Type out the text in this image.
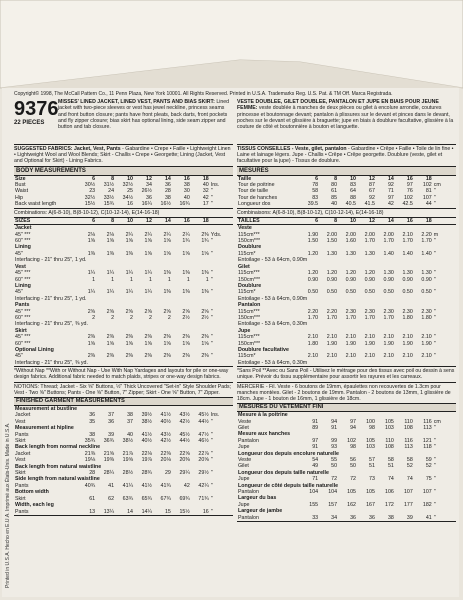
Printed in U.S.A. Hecho en E.U.A. Imprimé aux États-Unis. Made in U.S.A.
Copyright© 1998, The McCall Pattern Co., 11 Penn Plaza, New York 10001. All Rights Reserved. Printed in U.S.A. Trademarks Reg. U.S. Pat. & TM Off. Marca Registrada.
9376
22 PIECES
MISSES' LINED JACKET, LINED VEST, PANTS AND BIAS SKIRT: Lined jacket with two-piece sleeves or vest has jewel neckline, princess seams and front button closure; pants have front pleats, back darts, front pockets and fly zipper closure; bias skirt has optional lining, side seam zipper and button and tab closure.
SUGGESTED FABRICS: Jacket, Vest, Pants - Gabardine • Crepe • Faille • Lightweight Linen • Lightweight Wool and Wool Blends; Skirt - Challis • Crepe • Georgette; Lining (Jacket, Vest and Optional for Skirt) - Lining Fabrics.
BODY MEASUREMENTS
Size	6	8	10	12	14	16	18	
Bust	30½	31½	32½	34	36	38	40	Ins.
Waist	23	24	25	26½	28	30	32	"
Hip	32½	33½	34½	36	38	40	42	"
Back waist length	15½	15¾	16	16¼	16½	16¾	17	"
Combinations: A(6-8-10), B(8-10-12), C(10-12-14), E(14-16-18)
SIZES	6	8	10	12	14	16	18	
Jacket								
45" ***	2⅛	2⅛	2¼	2¼	2¼	2¼	2⅜	Yds.
60" ***	1⅝	1⅝	1⅝	1⅝	1⅝	1¾	1¾	"
Lining
45"	1⅜	1⅜	1⅜	1⅝	1⅝	1⅝	1⅝	"
Interfacing - 21" thru 25", 1 yd.
Vest								
45" ***	1¼	1¼	1¼	1¼	1⅜	1⅜	1⅜	"
60" ***	1	1	1	1	1	1	1	"
Lining
45"	1¼	1¼	1¼	1¼	1⅜	1⅜	1⅜	"
Interfacing - 21" thru 25", 1 yd.
Pants								
45" ***	2⅝	2⅝	2⅝	2⅝	2⅝	2⅝	2⅝	"
60" ***	2	2	2	2	2	2½	2½	"
Interfacing - 21" thru 25", ⅜ yd.								
Skirt								
45" ***	2⅜	2⅜	2⅜	2⅜	2⅜	2⅜	2⅜	"
60" ***	1⅝	1⅝	1⅝	1⅝	1⅝	1⅝	1⅝	"
Optional Lining
45"	2⅜	2⅜	2⅜	2⅜	2⅜	2⅜	2⅜	"
Interfacing - 21" thru 25", ⅜ yd.
*Without Nap **With or Without Nap - Use With Nap Yardages and layouts for pile or one-way design fabrics. Additional fabric needed to match plaids, stripes or one-way design fabrics.
NOTIONS: Thread; Jacket - Six ⅝" Buttons, ½" Thick Uncovered "Set-in" Style Shoulder Pads; Vest - Two ⅝" Buttons; Pants - One ⅝" Button, 7" Zipper; Skirt - One ⅝" Button, 7" Zipper.
FINISHED GARMENT MEASUREMENTS
Measurement at bustline								
Jacket	36	37	38	39½	41½	43½	45½	Ins.
Vest	35	36	37	38½	40½	42½	44½	"
Measurement at hipline								
Pants	38	39	40	41½	43½	45½	47½	"
Skirt	35¾	36¾	38½	40½	42½	44½	46½	"
Back length from normal neckline								
Jacket	21⅜	21⅝	21⅞	22⅛	22⅜	22⅝	22⅞	"
Vest	19⅛	19⅜	19⅝	19⅞	20⅛	20⅜	20⅝	"
Back length from natural waistline
Skirt	28	28¼	28½	28¾	29	29¼	29½	"
Side length from natural waistline
Pants	40¾	41	41¼	41½	41¾	42	42¼	"
Bottom width
Skirt	61	62	63¾	65¾	67¾	69¾	71¾	"
Width, each leg
Pants	13	13¼	14	14¼	15	15½	16	"
VESTE DOUBLEE, GILET DOUBLEE, PANTALON ET JUPE EN BIAIS POUR JEUNE FEMME: veste doublée à manches de deux pièces ou gilet à encolure arrondie, coutures princesse et boutonnage devant; pantalon à plissures sur le devant et pinces dans le devant, poches sur le devant et glissière à braguette; jupe en biais à doublure facultative, glissière à la couture de côté et boutonnière à bouton et languette.
TISSUS CONSEILLES - Veste, gilet, pantalon - Gabardine • Crêpe • Faille • Toile de lin fine • Laine et lainage légers. Jupe - Challis • Crêpe • Crêpe georgette. Doublure (veste, gilet et facultative pour la jupe) - Tissus de doublure.
MESURES
Taille	6	8	10	12	14	16	18	
Tour de poitrine	78	80	83	87	92	97	102	cm
Tour de taille	58	61	64	67	71	76	81	"
Tour de hanches	83	85	88	92	97	102	107	"
Longueur dos	39.5	40	40.5	41.5	42	42.5	44	"
Combinaisons: A(6-8-10), B(8-10-12), C(10-12-14), E(14-16-18)
TAILLES	6	8	10	12	14	16	18	
Veste								
115cm***	1.90	2.00	2.00	2.00	2.00	2.10	2.20	m
150cm***	1.50	1.50	1.60	1.70	1.70	1.70	1.70	"
Doublure
115cm*	1.20	1.30	1.30	1.30	1.40	1.40	1.40	"
Entoilage - 53 à 64cm, 0.90m
Gilet								
115cm***	1.20	1.20	1.20	1.20	1.30	1.30	1.30	"
150cm***	0.90	0.90	0.90	0.90	0.90	0.90	0.90	"
Doublure
115cm*	0.50	0.50	0.50	0.50	0.50	0.50	0.50	"
Entoilage - 53 à 64cm, 0.90m
Pantalon								
115cm***	2.20	2.20	2.30	2.30	2.30	2.30	2.30	"
150cm***	1.70	1.70	1.70	1.70	1.70	1.80	1.80	"
Entoilage - 53 à 64cm, 0.30m								
Jupe								
115cm***	2.10	2.10	2.10	2.10	2.10	2.10	2.10	"
150cm***	1.80	1.90	1.90	1.90	1.90	1.90	1.90	"
Doublure facultative
115cm*	2.10	2.10	2.10	2.10	2.10	2.10	2.10	"
Entoilage - 53 à 64cm, 0.30m
*Sans Poil **Avec ou Sans Poil - Utilisez le métrage pour des tissus avec poil ou dessin à sens unique. Prévoir du tissu supplémentaire pour assortir les rayures et les carreaux.
MERCERIE - Fil. Veste - 6 boutons de 19mm, épaulettes non recouvertes de 1.3cm pour manches montées. Gilet - 2 boutons de 19mm. Pantalon - 2 boutons de 13mm, 1 glissière de 18cm. Jupe - 1 bouton de 16mm, 1 glissière de 18cm.
MESURES DU VETEMENT FINI
Mesure à la poitrine								
Veste	91	94	97	100	105	110	116	cm
Gilet	89	91	94	98	103	108	113	"
Mesure aux hanches								
Pantalon	97	99	102	105	110	116	121	"
Jupe	91	93	98	103	108	113	118	"
Longueur dos depuis encolure naturelle								
Veste	54	55	56	57	58	58	59	"
Gilet	49	50	50	51	51	52	52	"
Longueur dos depuis taille naturelle
Jupe	71	72	72	73	74	74	75	"
Longueur de côté depuis taille naturelle
Pantalon	104	104	105	105	106	107	107	"
Largeur du bas
Jupe	155	157	162	167	172	177	182	"
Largeur de jambe
Pantalon	33	34	36	36	38	39	41	"
